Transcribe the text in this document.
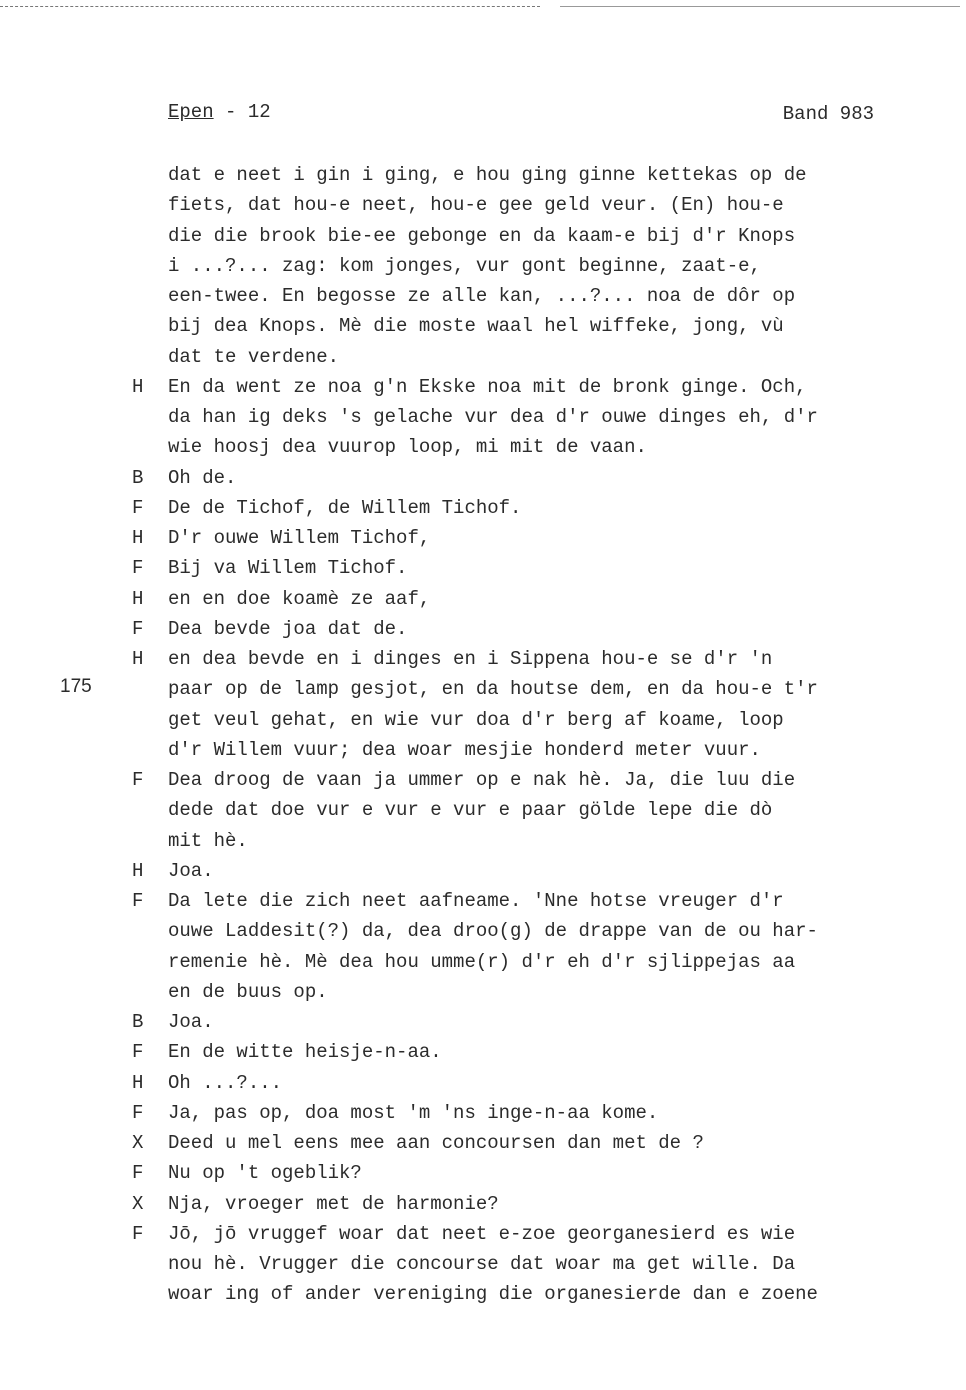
Epen - 12	Band 983
175
dat e neet i gin i ging, e hou ging ginne kettekas op de
fiets, dat hou-e neet, hou-e gee geld veur. (En) hou-e
die die brook bie-ee gebonge en da kaam-e bij d'r Knops
i ...?... zag: kom jonges, vur gont beginne, zaat-e,
een-twee. En begosse ze alle kan, ...?... noa de dôr op
bij dea Knops. Mè die moste waal hel wiffeke, jong, vù
dat te verdene.
H	En da went ze noa g'n Ekske noa mit de bronk ginge. Och,
da han ig deks 's gelache vur dea d'r ouwe dinges eh, d'r
wie hoosj dea vuurop loop, mi mit de vaan.
B	Oh de.
F	De de Tichof, de Willem Tichof.
H	D'r ouwe Willem Tichof,
F	Bij va Willem Tichof.
H	en en doe koamè ze aaf,
F	Dea bevde joa dat de.
H	en dea bevde en i dinges en i Sippena hou-e se d'r 'n
paar op de lamp gesjot, en da houtse dem, en da hou-e t'r
get veul gehat, en wie vur doa d'r berg af koame, loop
d'r Willem vuur; dea woar mesjie honderd meter vuur.
F	Dea droog de vaan ja ummer op e nak hè. Ja, die luu die
dede dat doe vur e vur e vur e paar gölde lepe die dò
mit hè.
H	Joa.
F	Da lete die zich neet aafneame. 'Nne hotse vreuger d'r
ouwe Laddesit(?) da, dea droo(g) de drappe van de ou har-
remenie hè. Mè dea hou umme(r) d'r eh d'r sjlippejas aa
en de buus op.
B	Joa.
F	En de witte heisje-n-aa.
H	Oh ...?...
F	Ja, pas op, doa most 'm 'ns inge-n-aa kome.
X	Deed u mel eens mee aan concoursen dan met de ?
F	Nu op 't ogeblik?
X	Nja, vroeger met de harmonie?
F	Jō, jō vruggef woar dat neet e-zoe georganesierd es wie
nou hè. Vrugger die concourse dat woar ma get wille. Da
woar ing of ander vereniging die organesierde dan e zoene
